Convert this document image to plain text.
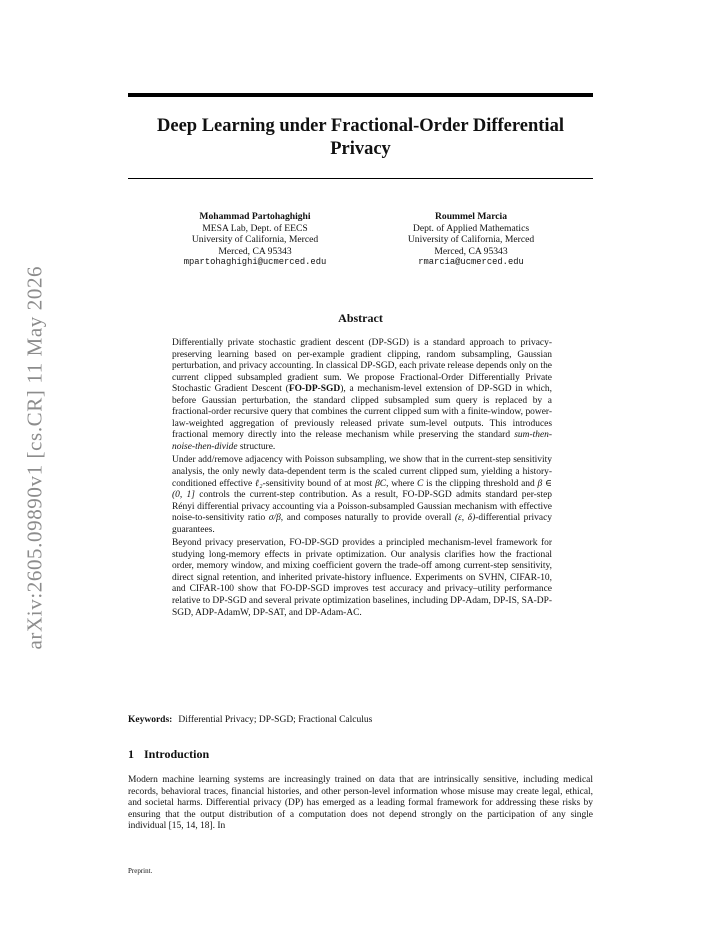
arXiv:2605.09890v1 [cs.CR] 11 May 2026
Deep Learning under Fractional-Order Differential Privacy
Mohammad Partohaghighi
MESA Lab, Dept. of EECS
University of California, Merced
Merced, CA 95343
mpartohaghighi@ucmerced.edu
Roummel Marcia
Dept. of Applied Mathematics
University of California, Merced
Merced, CA 95343
rmarcia@ucmerced.edu
Abstract

Differentially private stochastic gradient descent (DP-SGD) is a standard approach to privacy-preserving learning based on per-example gradient clipping, random subsampling, Gaussian perturbation, and privacy accounting. In classical DP-SGD, each private release depends only on the current clipped subsampled gradient sum. We propose Fractional-Order Differentially Private Stochastic Gradient Descent (FO-DP-SGD), a mechanism-level extension of DP-SGD in which, before Gaussian perturbation, the standard clipped subsampled sum query is replaced by a fractional-order recursive query that combines the current clipped sum with a finite-window, power-law-weighted aggregation of previously released private sum-level outputs. This introduces fractional memory directly into the release mechanism while preserving the standard sum-then-noise-then-divide structure.

Under add/remove adjacency with Poisson subsampling, we show that in the current-step sensitivity analysis, the only newly data-dependent term is the scaled current clipped sum, yielding a history-conditioned effective ℓ₂-sensitivity bound of at most βC, where C is the clipping threshold and β ∈ (0, 1] controls the current-step contribution. As a result, FO-DP-SGD admits standard per-step Rényi differential privacy accounting via a Poisson-subsampled Gaussian mechanism with effective noise-to-sensitivity ratio σ/β, and composes naturally to provide overall (ε, δ)-differential privacy guarantees.

Beyond privacy preservation, FO-DP-SGD provides a principled mechanism-level framework for studying long-memory effects in private optimization. Our analysis clarifies how the fractional order, memory window, and mixing coefficient govern the trade-off among current-step sensitivity, direct signal retention, and inherited private-history influence. Experiments on SVHN, CIFAR-10, and CIFAR-100 show that FO-DP-SGD improves test accuracy and privacy–utility performance relative to DP-SGD and several private optimization baselines, including DP-Adam, DP-IS, SA-DP-SGD, ADP-AdamW, DP-SAT, and DP-Adam-AC.

Keywords: Differential Privacy; DP-SGD; Fractional Calculus
1 Introduction

Modern machine learning systems are increasingly trained on data that are intrinsically sensitive, including medical records, behavioral traces, financial histories, and other person-level information whose misuse may create legal, ethical, and societal harms. Differential privacy (DP) has emerged as a leading formal framework for addressing these risks by ensuring that the output distribution of a computation does not depend strongly on the participation of any single individual [15, 14, 18]. In

Preprint.
